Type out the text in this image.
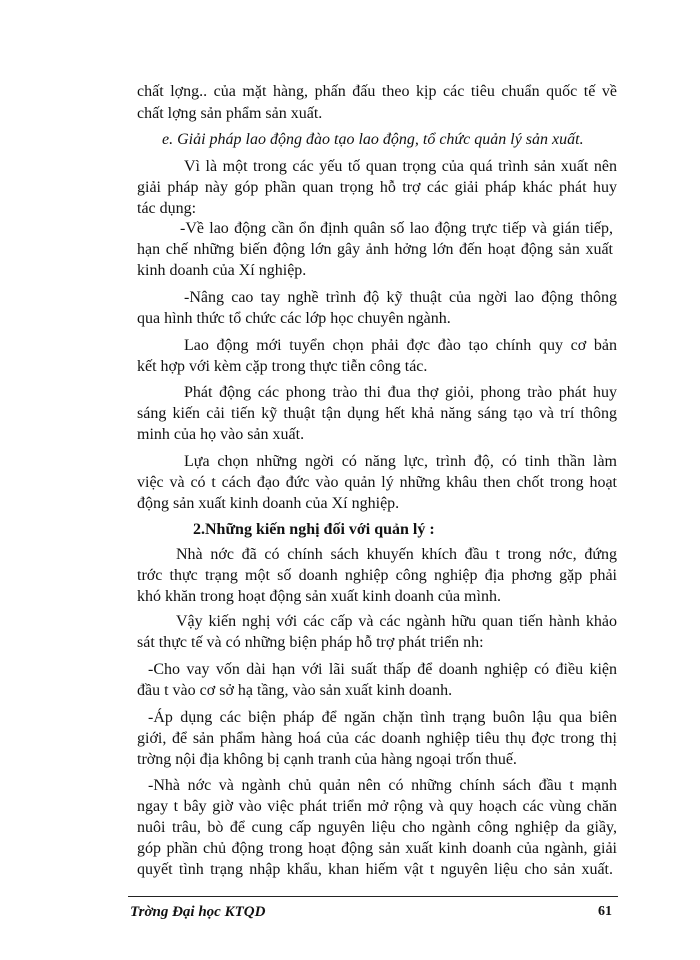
chất lợng.. của mặt hàng, phấn đấu theo kịp các tiêu chuẩn quốc tế về
chất lợng sản phẩm sản xuất.
e. Giải pháp lao động đào tạo lao động, tổ chức quản lý sản xuất.
Vì là một trong các yếu tố quan trọng của quá trình sản xuất nên
giải pháp này góp phần quan trọng hỗ trợ các giải pháp khác phát huy
tác dụng:
-Về lao động cần ổn định quân số lao động trực tiếp và gián tiếp,
hạn chế những biến động lớn gây ảnh hởng lớn đến hoạt động sản xuất
kinh doanh của Xí nghiệp.
-Nâng cao tay nghề trình độ kỹ thuật của ngời lao động thông
qua hình thức tổ chức các lớp học chuyên ngành.
Lao động mới tuyển chọn phải đợc đào tạo chính quy cơ bản
kết hợp với kèm cặp trong thực tiễn công tác.
Phát động các phong trào thi đua thợ giỏi, phong trào phát huy
sáng kiến cải tiến kỹ thuật tận dụng hết khả năng sáng tạo và trí thông
minh của họ vào sản xuất.
Lựa chọn những ngời có năng lực, trình độ, có tinh thần làm
việc và có t cách đạo đức vào quản lý những khâu then chốt trong hoạt
động sản xuất kinh doanh của Xí nghiệp.
2.Những kiến nghị đối với quản lý :
Nhà nớc đã có chính sách khuyến khích đầu t trong nớc, đứng
trớc thực trạng một số doanh nghiệp công nghiệp địa phơng gặp phải
khó khăn trong hoạt động sản xuất kinh doanh của mình.
Vậy kiến nghị với các cấp và các ngành hữu quan tiến hành khảo
sát thực tế và có những biện pháp hỗ trợ phát triển nh:
-Cho vay vốn dài hạn với lãi suất thấp để doanh nghiệp có điều kiện
đầu t vào cơ sở hạ tầng, vào sản xuất kinh doanh.
-Áp dụng các biện pháp để ngăn chặn tình trạng buôn lậu qua biên
giới, để sản phẩm hàng hoá của các doanh nghiệp tiêu thụ đợc trong thị
trờng nội địa không bị cạnh tranh của hàng ngoại trốn thuế.
-Nhà nớc và ngành chủ quản nên có những chính sách đầu t mạnh
ngay t bây giờ vào việc phát triển mở rộng và quy hoạch các vùng chăn
nuôi trâu, bò để cung cấp nguyên liệu cho ngành công nghiệp da giầy,
góp phần chủ động trong hoạt động sản xuất kinh doanh của ngành, giải
quyết tình trạng nhập khẩu, khan hiếm vật t nguyên liệu cho sản xuất.
Trờng Đại học KTQD	61
